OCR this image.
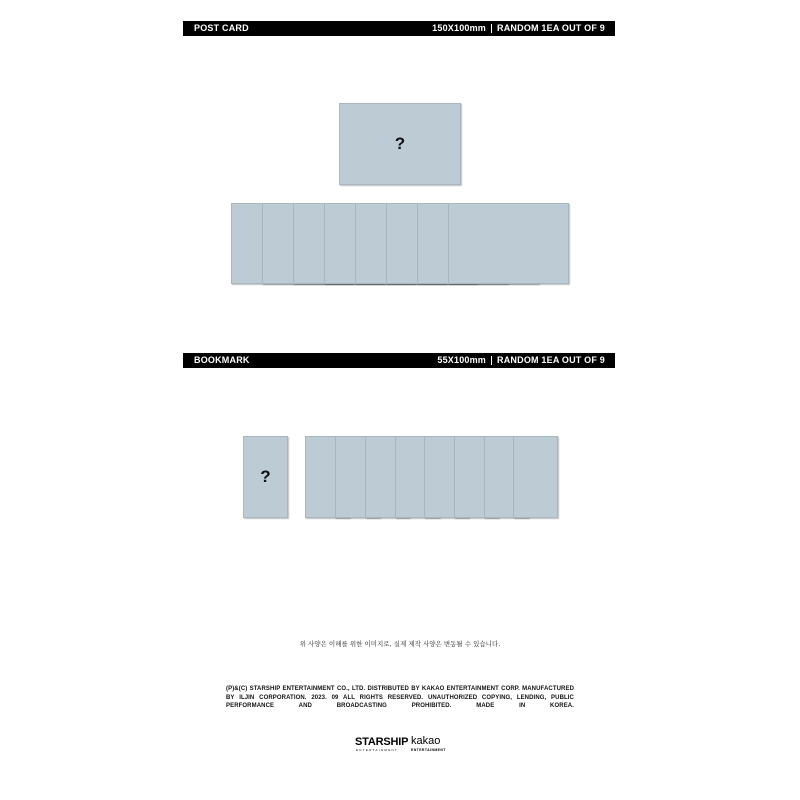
POST CARD	150X100mm RANDOM 1EA OUT OF 9
?
BOOKMARK	55X100mm RANDOM 1EA OUT OF 9
?
위 사양은 이해를 위한 이미지로, 실제 제작 사양은 변동될 수 있습니다.
(P)&(C) STARSHIP ENTERTAINMENT CO., LTD. DISTRIBUTED BY KAKAO ENTERTAINMENT CORP. MANUFACTURED BY ILJIN CORPORATION. 2023. 09 ALL RIGHTS RESERVED. UNAUTHORIZED COPYING, LENDING, PUBLIC PERFORMANCE AND BROADCASTING PROHIBITED. MADE IN KOREA.
STARSHIP
ENTERTAINMENT
kakao
ENTERTAINMENT
